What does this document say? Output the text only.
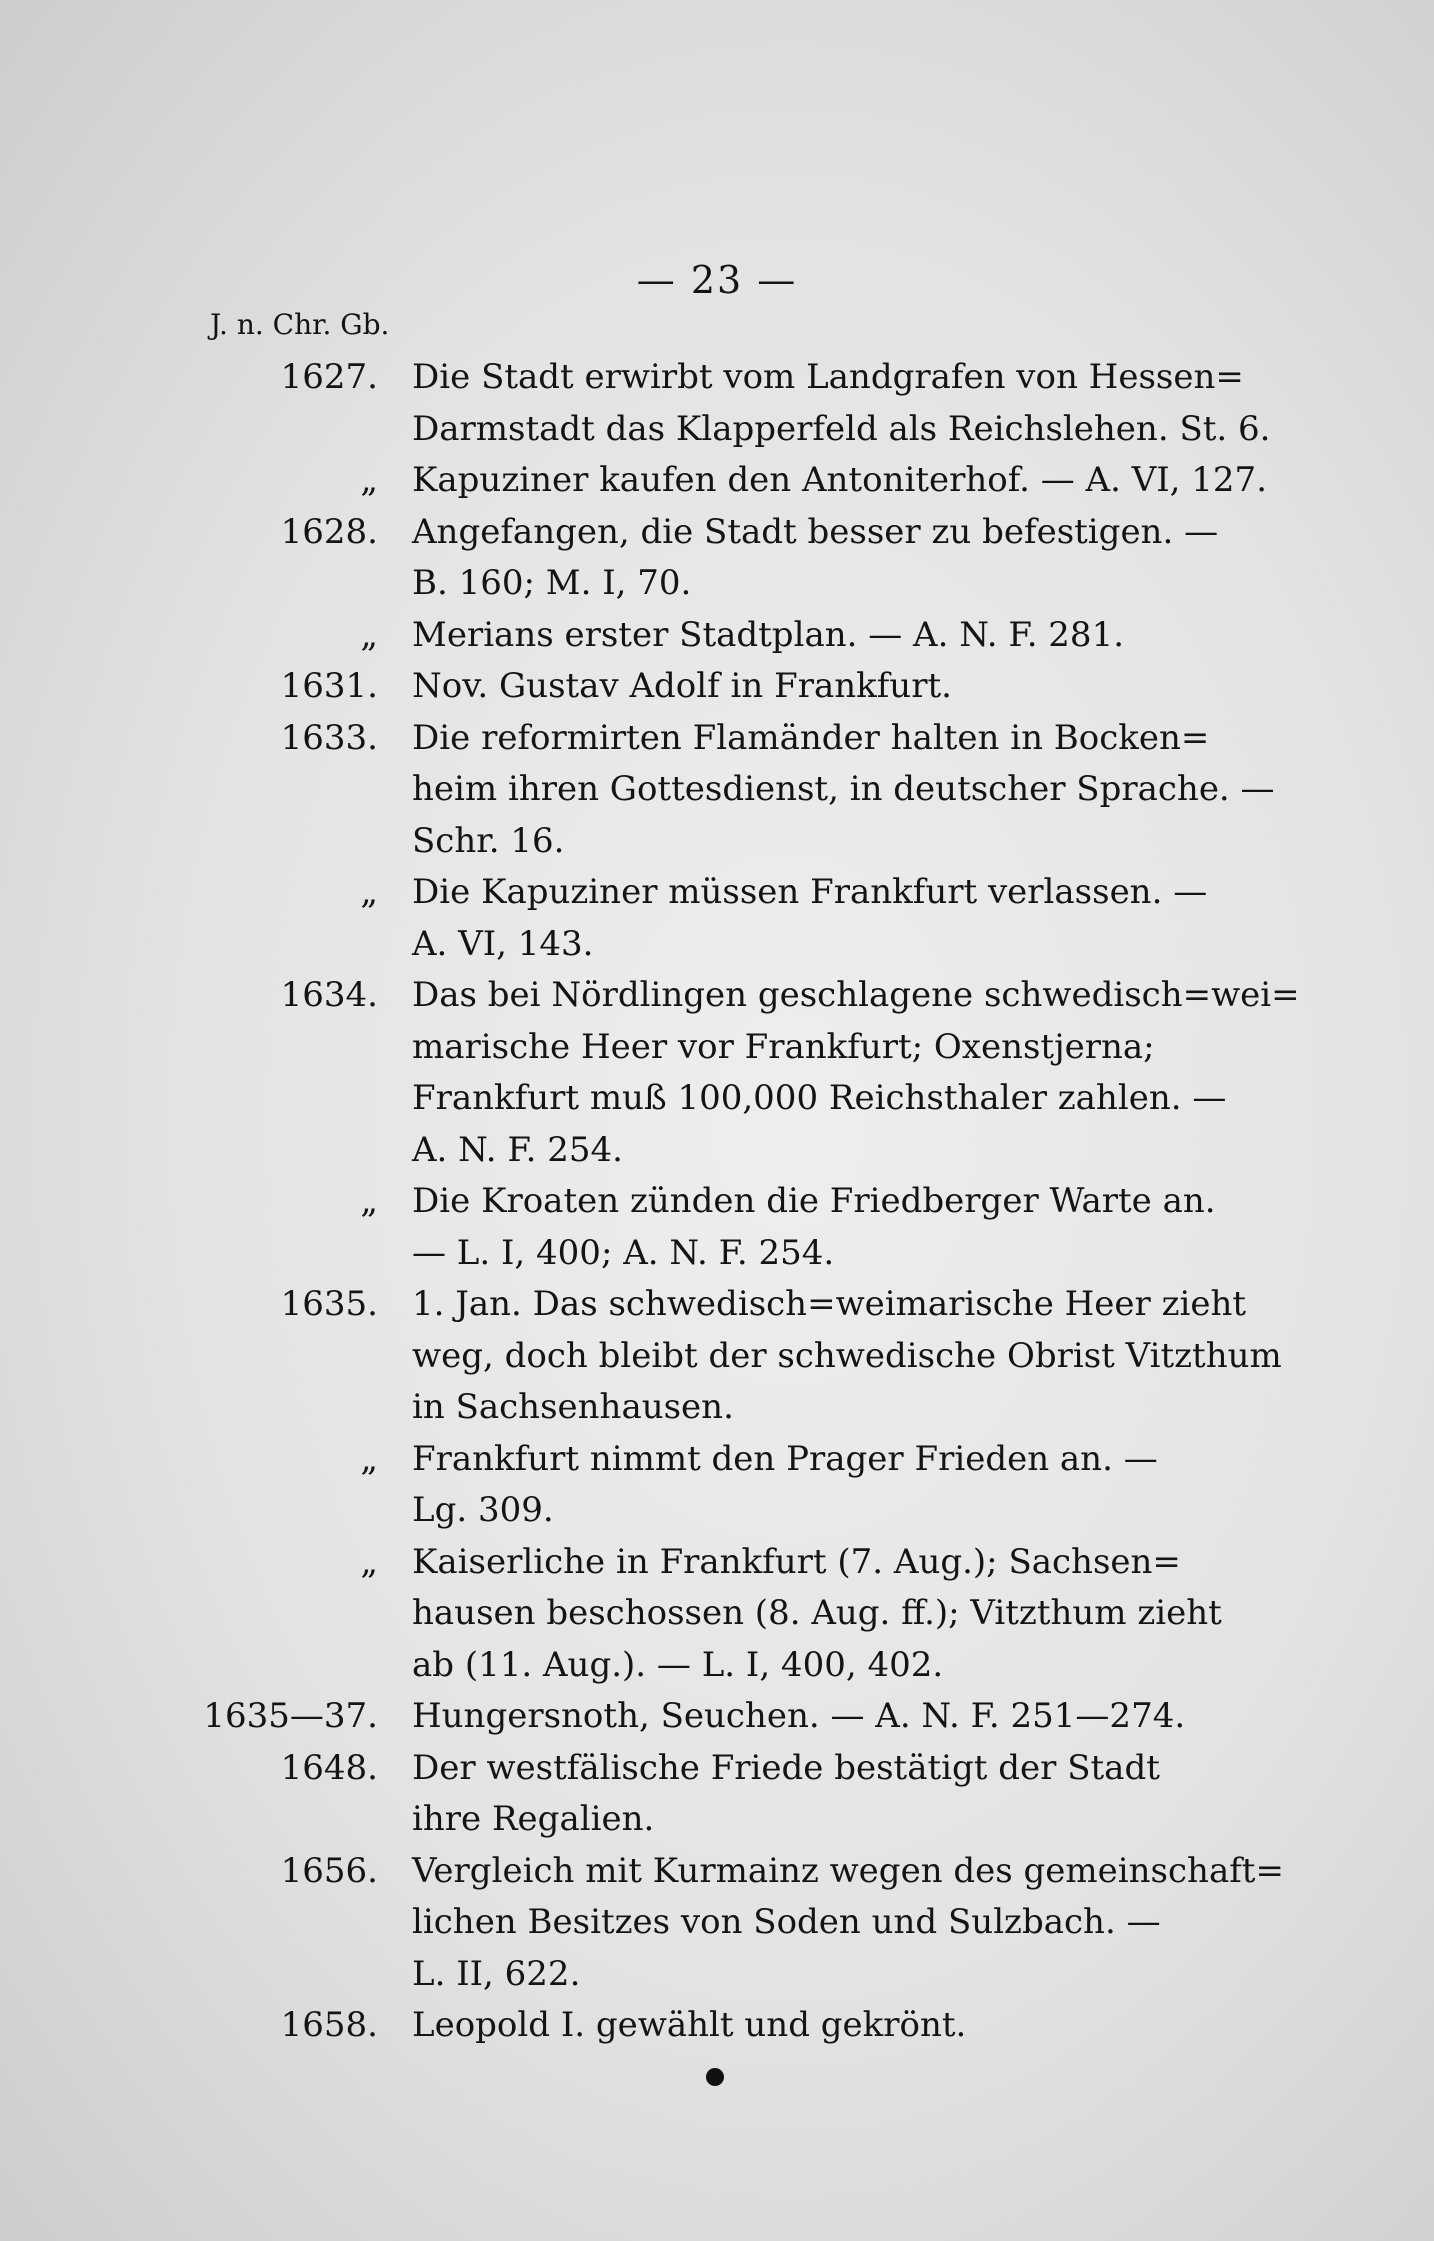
— 23 —
J. n. Chr. Gb.
1627.	Die Stadt erwirbt vom Landgrafen von Hessen=
Darmstadt das Klapperfeld als Reichslehen. St. 6.
„	Kapuziner kaufen den Antoniterhof. — A. VI, 127.
1628.	Angefangen, die Stadt besser zu befestigen. —
B. 160; M. I, 70.
„	Merians erster Stadtplan. — A. N. F. 281.
1631.	Nov. Gustav Adolf in Frankfurt.
1633.	Die reformirten Flamänder halten in Bocken=
heim ihren Gottesdienst, in deutscher Sprache. —
Schr. 16.
„	Die Kapuziner müssen Frankfurt verlassen. —
A. VI, 143.
1634.	Das bei Nördlingen geschlagene schwedisch=wei=
marische Heer vor Frankfurt; Oxenstjerna;
Frankfurt muß 100,000 Reichsthaler zahlen. —
A. N. F. 254.
„	Die Kroaten zünden die Friedberger Warte an.
— L. I, 400; A. N. F. 254.
1635.	1. Jan. Das schwedisch=weimarische Heer zieht
weg, doch bleibt der schwedische Obrist Vitzthum
in Sachsenhausen.
„	Frankfurt nimmt den Prager Frieden an. —
Lg. 309.
„	Kaiserliche in Frankfurt (7. Aug.); Sachsen=
hausen beschossen (8. Aug. ff.); Vitzthum zieht
ab (11. Aug.). — L. I, 400, 402.
1635—37.	Hungersnoth, Seuchen. — A. N. F. 251—274.
1648.	Der westfälische Friede bestätigt der Stadt
ihre Regalien.
1656.	Vergleich mit Kurmainz wegen des gemeinschaft=
lichen Besitzes von Soden und Sulzbach. —
L. II, 622.
1658.	Leopold I. gewählt und gekrönt.
